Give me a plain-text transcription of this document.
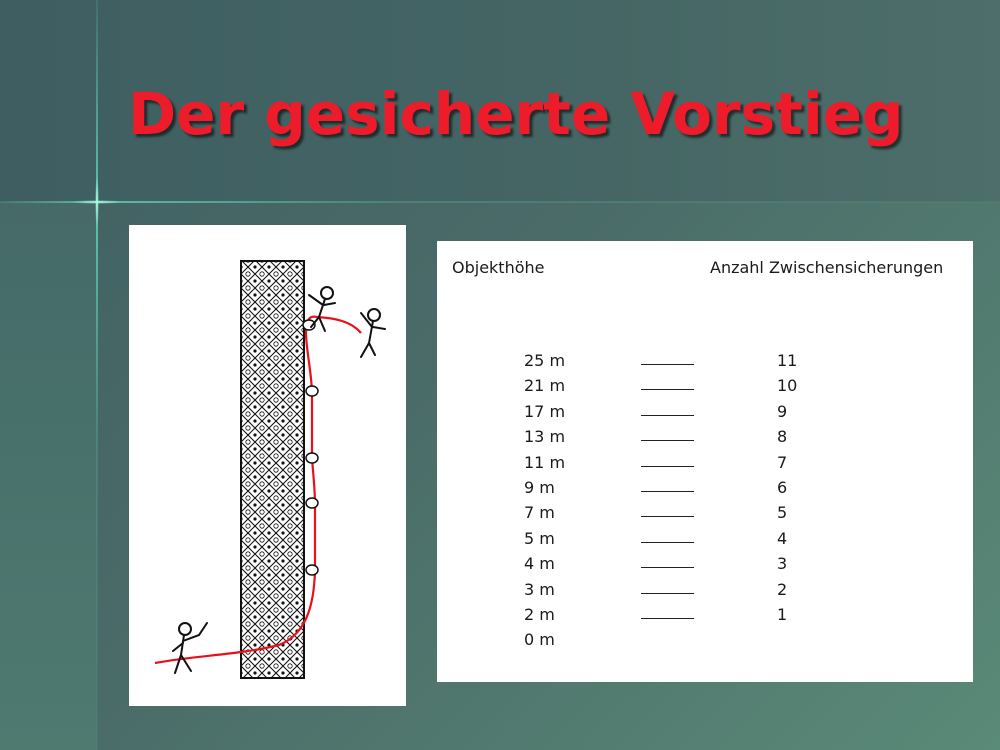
Der gesicherte Vorstieg
Objekthöhe	Anzahl Zwischensicherungen
25 m	11
21 m	10
17 m	9
13 m	8
11 m	7
9 m	6
7 m	5
5 m	4
4 m	3
3 m	2
2 m	1
0 m
